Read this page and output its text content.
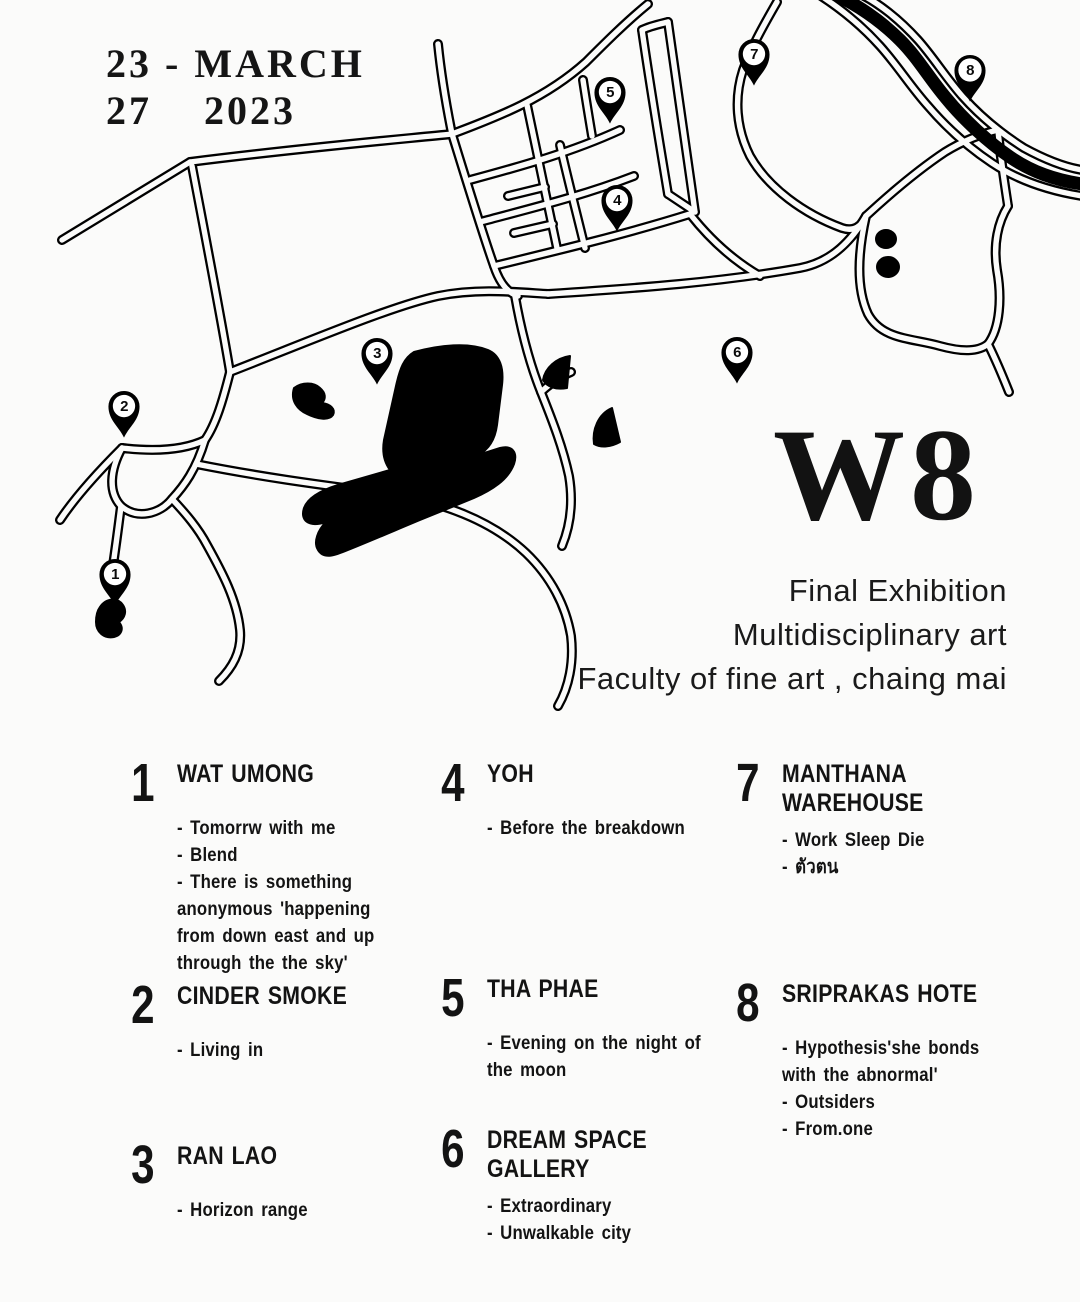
1
2
3
4
5
6
7
8
23 - MARCH
27    2023
W8
Final Exhibition
Multidisciplinary art
Faculty of fine art , chaing mai
1 WAT UMONG
- Tomorrw with me
- Blend
- There is something anonymous 'happening from down east and up through the the sky'
2 CINDER SMOKE
- Living in
3 RAN LAO
- Horizon range
4 YOH
- Before the breakdown
5 THA PHAE
- Evening on the night of the moon
6 DREAM SPACE GALLERY
- Extraordinary
- Unwalkable city
7 MANTHANA WAREHOUSE
- Work Sleep Die
- ตัวตน
8 SRIPRAKAS HOTE
- Hypothesis'she bonds with the abnormal'
- Outsiders
- From.one
